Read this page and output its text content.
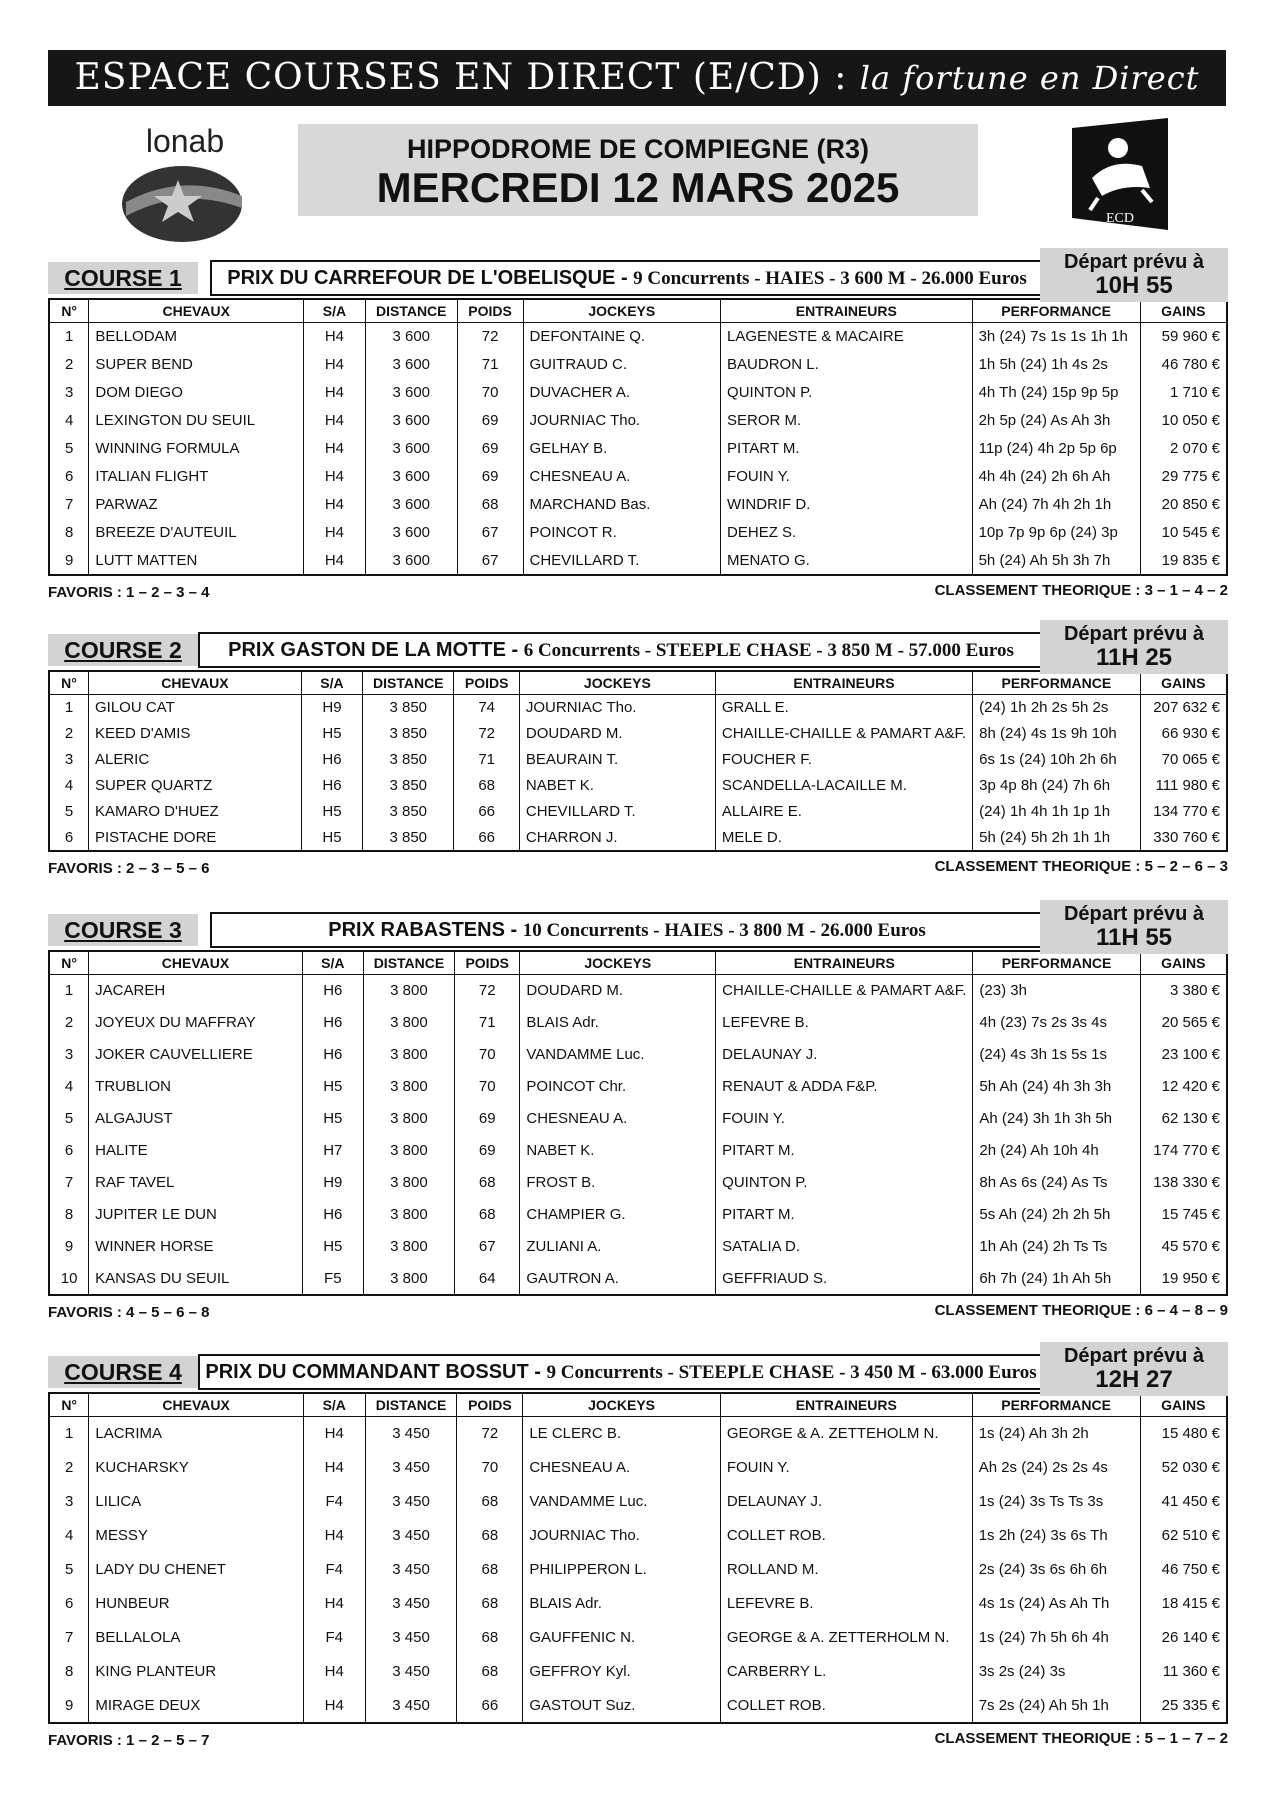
ESPACE COURSES EN DIRECT (E/CD) : la fortune en Direct
lonab	HIPPODROME DE COMPIEGNE (R3)
MERCREDI 12 MARS 2025
ECD
COURSE 1	PRIX DU CARREFOUR DE L'OBELISQUE - 9 Concurrents - HAIES - 3 600 M - 26.000 Euros
Départ prévu à
10H 55
N°	CHEVAUX	S/A	DISTANCE	POIDS	JOCKEYS	ENTRAINEURS	PERFORMANCE	GAINS
1	BELLODAM	H4	3 600	72	DEFONTAINE Q.	LAGENESTE & MACAIRE	3h (24) 7s 1s 1s 1h 1h	59 960 €
2	SUPER BEND	H4	3 600	71	GUITRAUD C.	BAUDRON L.	1h 5h (24) 1h 4s 2s	46 780 €
3	DOM DIEGO	H4	3 600	70	DUVACHER A.	QUINTON P.	4h Th (24) 15p 9p 5p	1 710 €
4	LEXINGTON DU SEUIL	H4	3 600	69	JOURNIAC Tho.	SEROR M.	2h 5p (24) As Ah 3h	10 050 €
5	WINNING FORMULA	H4	3 600	69	GELHAY B.	PITART M.	11p (24) 4h 2p 5p 6p	2 070 €
6	ITALIAN FLIGHT	H4	3 600	69	CHESNEAU A.	FOUIN Y.	4h 4h (24) 2h 6h Ah	29 775 €
7	PARWAZ	H4	3 600	68	MARCHAND Bas.	WINDRIF D.	Ah (24) 7h 4h 2h 1h	20 850 €
8	BREEZE D'AUTEUIL	H4	3 600	67	POINCOT R.	DEHEZ S.	10p 7p 9p 6p (24) 3p	10 545 €
9	LUTT MATTEN	H4	3 600	67	CHEVILLARD T.	MENATO G.	5h (24) Ah 5h 3h 7h	19 835 €
FAVORIS : 1 – 2 – 3 – 4	CLASSEMENT THEORIQUE : 3 – 1 – 4 – 2
COURSE 2	PRIX GASTON DE LA MOTTE - 6 Concurrents - STEEPLE CHASE - 3 850 M - 57.000 Euros
Départ prévu à
11H 25
N°	CHEVAUX	S/A	DISTANCE	POIDS	JOCKEYS	ENTRAINEURS	PERFORMANCE	GAINS
1	GILOU CAT	H9	3 850	74	JOURNIAC Tho.	GRALL E.	(24) 1h 2h 2s 5h 2s	207 632 €
2	KEED D'AMIS	H5	3 850	72	DOUDARD M.	CHAILLE-CHAILLE & PAMART A&F.	8h (24) 4s 1s 9h 10h	66 930 €
3	ALERIC	H6	3 850	71	BEAURAIN T.	FOUCHER F.	6s 1s (24) 10h 2h 6h	70 065 €
4	SUPER QUARTZ	H6	3 850	68	NABET K.	SCANDELLA-LACAILLE M.	3p 4p 8h (24) 7h 6h	111 980 €
5	KAMARO D'HUEZ	H5	3 850	66	CHEVILLARD T.	ALLAIRE E.	(24) 1h 4h 1h 1p 1h	134 770 €
6	PISTACHE DORE	H5	3 850	66	CHARRON J.	MELE D.	5h (24) 5h 2h 1h 1h	330 760 €
FAVORIS : 2 – 3 – 5 – 6	CLASSEMENT THEORIQUE : 5 – 2 – 6 – 3
COURSE 3	PRIX RABASTENS - 10 Concurrents - HAIES - 3 800 M - 26.000 Euros
Départ prévu à
11H 55
N°	CHEVAUX	S/A	DISTANCE	POIDS	JOCKEYS	ENTRAINEURS	PERFORMANCE	GAINS
1	JACAREH	H6	3 800	72	DOUDARD M.	CHAILLE-CHAILLE & PAMART A&F.	(23) 3h	3 380 €
2	JOYEUX DU MAFFRAY	H6	3 800	71	BLAIS Adr.	LEFEVRE B.	4h (23) 7s 2s 3s 4s	20 565 €
3	JOKER CAUVELLIERE	H6	3 800	70	VANDAMME Luc.	DELAUNAY J.	(24) 4s 3h 1s 5s 1s	23 100 €
4	TRUBLION	H5	3 800	70	POINCOT Chr.	RENAUT & ADDA F&P.	5h Ah (24) 4h 3h 3h	12 420 €
5	ALGAJUST	H5	3 800	69	CHESNEAU A.	FOUIN Y.	Ah (24) 3h 1h 3h 5h	62 130 €
6	HALITE	H7	3 800	69	NABET K.	PITART M.	2h (24) Ah 10h 4h	174 770 €
7	RAF TAVEL	H9	3 800	68	FROST B.	QUINTON P.	8h As 6s (24) As Ts	138 330 €
8	JUPITER LE DUN	H6	3 800	68	CHAMPIER G.	PITART M.	5s Ah (24) 2h 2h 5h	15 745 €
9	WINNER HORSE	H5	3 800	67	ZULIANI A.	SATALIA D.	1h Ah (24) 2h Ts Ts	45 570 €
10	KANSAS DU SEUIL	F5	3 800	64	GAUTRON A.	GEFFRIAUD S.	6h 7h (24) 1h Ah 5h	19 950 €
FAVORIS : 4 – 5 – 6 – 8	CLASSEMENT THEORIQUE : 6 – 4 – 8 – 9
COURSE 4	PRIX DU COMMANDANT BOSSUT - 9 Concurrents - STEEPLE CHASE - 3 450 M - 63.000 Euros
Départ prévu à
12H 27
N°	CHEVAUX	S/A	DISTANCE	POIDS	JOCKEYS	ENTRAINEURS	PERFORMANCE	GAINS
1	LACRIMA	H4	3 450	72	LE CLERC B.	GEORGE & A. ZETTEHOLM N.	1s (24) Ah 3h 2h	15 480 €
2	KUCHARSKY	H4	3 450	70	CHESNEAU A.	FOUIN Y.	Ah 2s (24) 2s 2s 4s	52 030 €
3	LILICA	F4	3 450	68	VANDAMME Luc.	DELAUNAY J.	1s (24) 3s Ts Ts 3s	41 450 €
4	MESSY	H4	3 450	68	JOURNIAC Tho.	COLLET ROB.	1s 2h (24) 3s 6s Th	62 510 €
5	LADY DU CHENET	F4	3 450	68	PHILIPPERON L.	ROLLAND M.	2s (24) 3s 6s 6h 6h	46 750 €
6	HUNBEUR	H4	3 450	68	BLAIS Adr.	LEFEVRE B.	4s 1s (24) As Ah Th	18 415 €
7	BELLALOLA	F4	3 450	68	GAUFFENIC N.	GEORGE & A. ZETTERHOLM N.	1s (24) 7h 5h 6h 4h	26 140 €
8	KING PLANTEUR	H4	3 450	68	GEFFROY Kyl.	CARBERRY L.	3s 2s (24) 3s	11 360 €
9	MIRAGE DEUX	H4	3 450	66	GASTOUT Suz.	COLLET ROB.	7s 2s (24) Ah 5h 1h	25 335 €
FAVORIS : 1 – 2 – 5 – 7	CLASSEMENT THEORIQUE : 5 – 1 – 7 – 2
